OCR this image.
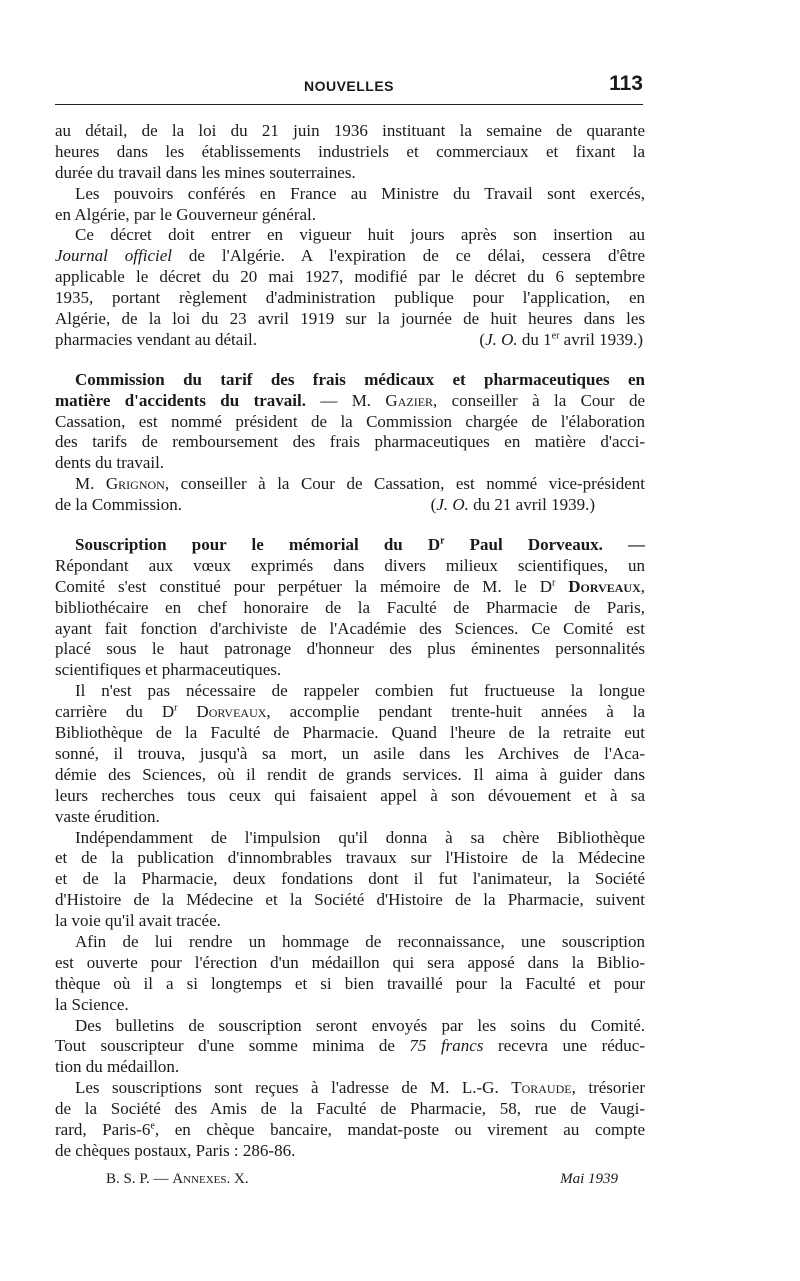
NOUVELLES	113
au détail, de la loi du 21 juin 1936 instituant la semaine de quarante
heures dans les établissements industriels et commerciaux et fixant la
durée du travail dans les mines souterraines.
Les pouvoirs conférés en France au Ministre du Travail sont exercés,
en Algérie, par le Gouverneur général.
Ce décret doit entrer en vigueur huit jours après son insertion au
Journal officiel de l'Algérie. A l'expiration de ce délai, cessera d'être
applicable le décret du 20 mai 1927, modifié par le décret du 6 septembre
1935, portant règlement d'administration publique pour l'application, en
Algérie, de la loi du 23 avril 1919 sur la journée de huit heures dans les
pharmacies vendant au détail.	(J. O. du 1er avril 1939.)
Commission du tarif des frais médicaux et pharmaceutiques en
matière d'accidents du travail. — M. Gazier, conseiller à la Cour de
Cassation, est nommé président de la Commission chargée de l'élaboration
des tarifs de remboursement des frais pharmaceutiques en matière d'acci-
dents du travail.
M. Grignon, conseiller à la Cour de Cassation, est nommé vice-président
de la Commission.	(J. O. du 21 avril 1939.)
Souscription pour le mémorial du $D^r$ Paul Dorveaux. —
Répondant aux vœux exprimés dans divers milieux scientifiques, un
Comité s'est constitué pour perpétuer la mémoire de M. le $D^r$ Dorveaux,
bibliothécaire en chef honoraire de la Faculté de Pharmacie de Paris,
ayant fait fonction d'archiviste de l'Académie des Sciences. Ce Comité est
placé sous le haut patronage d'honneur des plus éminentes personnalités
scientifiques et pharmaceutiques.
Il n'est pas nécessaire de rappeler combien fut fructueuse la longue
carrière du $D^r$ Dorveaux, accomplie pendant trente-huit années à la
Bibliothèque de la Faculté de Pharmacie. Quand l'heure de la retraite eut
sonné, il trouva, jusqu'à sa mort, un asile dans les Archives de l'Aca-
démie des Sciences, où il rendit de grands services. Il aima à guider dans
leurs recherches tous ceux qui faisaient appel à son dévouement et à sa
vaste érudition.
Indépendamment de l'impulsion qu'il donna à sa chère Bibliothèque
et de la publication d'innombrables travaux sur l'Histoire de la Médecine
et de la Pharmacie, deux fondations dont il fut l'animateur, la Société
d'Histoire de la Médecine et la Société d'Histoire de la Pharmacie, suivent
la voie qu'il avait tracée.
Afin de lui rendre un hommage de reconnaissance, une souscription
est ouverte pour l'érection d'un médaillon qui sera apposé dans la Biblio-
thèque où il a si longtemps et si bien travaillé pour la Faculté et pour
la Science.
Des bulletins de souscription seront envoyés par les soins du Comité.
Tout souscripteur d'une somme minima de 75 francs recevra une réduc-
tion du médaillon.
Les souscriptions sont reçues à l'adresse de M. L.-G. Toraude, trésorier
de la Société des Amis de la Faculté de Pharmacie, 58, rue de Vaugi-
rard, Paris-6e, en chèque bancaire, mandat-poste ou virement au compte
de chèques postaux, Paris : 286-86.
B. S. P. — Annexes. X.	Mai 1939
